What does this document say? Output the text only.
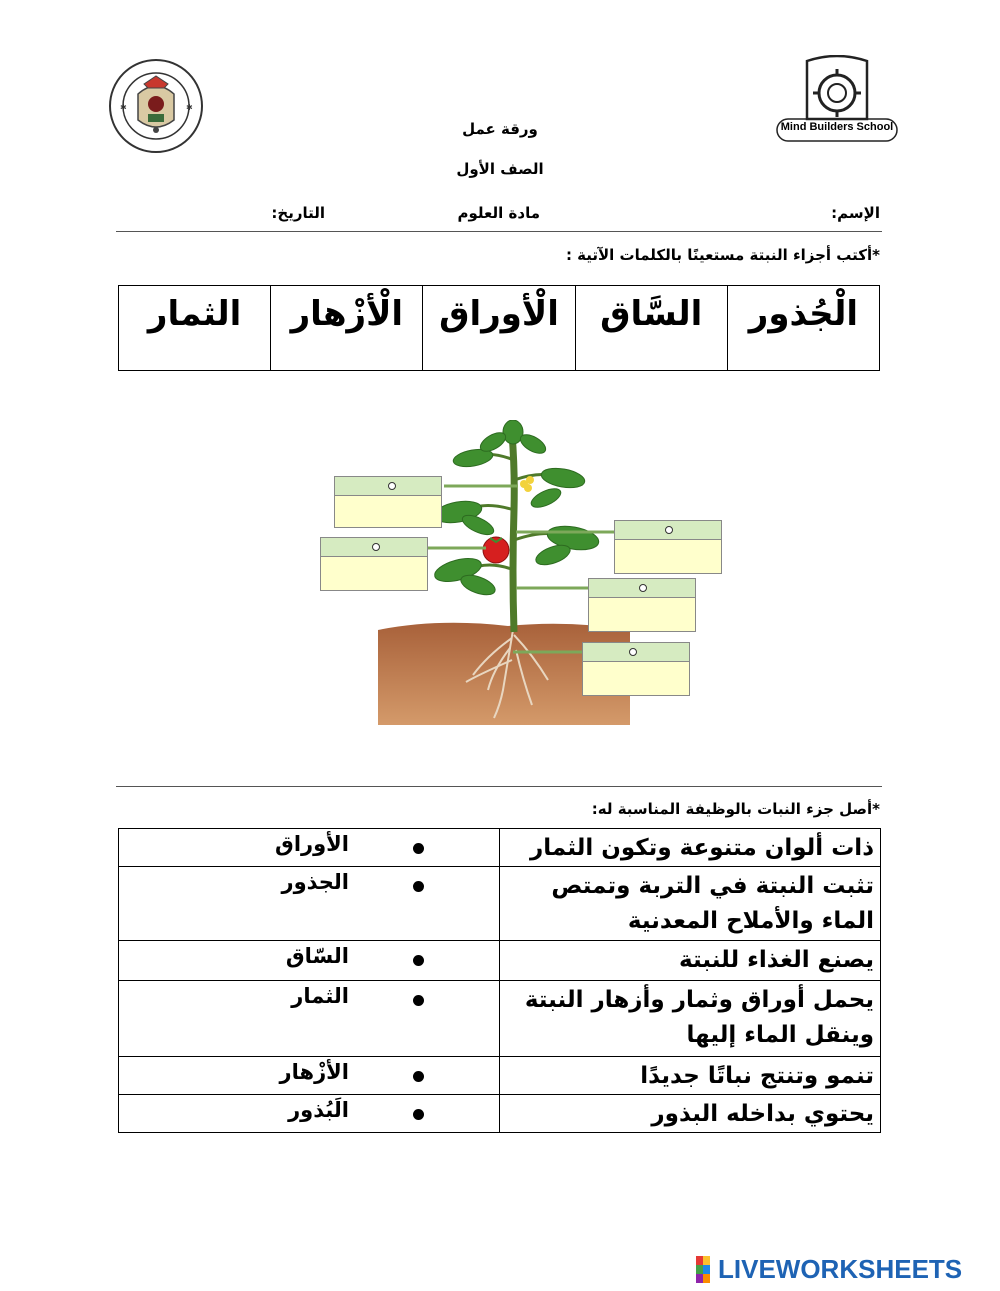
✱	✱
Mind Builders School
ورقة عمل
الصف الأول
الإسم:
مادة العلوم
التاريخ:
*أكتب أجزاء النبتة مستعينًا بالكلمات الآتية :
الْجُذور	السَّاق	الْأوراق	الْأزْهار	الثمار
*أصل جزء النبات بالوظيفة المناسبة له:
ذات ألوان متنوعة وتكون الثمار	الأوراق

تثبت النبتة في التربة وتمتص
الماء والأملاح المعدنية	الجذور

يصنع الغذاء للنبتة	السّاق

يحمل أوراق وثمار وأزهار النبتة
وينقل الماء إليها	الثمار

تنمو وتنتج نباتًا جديدًا	الأزْهار

يحتوي بداخله البذور	الَبُذور
LIVEWORKSHEETS
